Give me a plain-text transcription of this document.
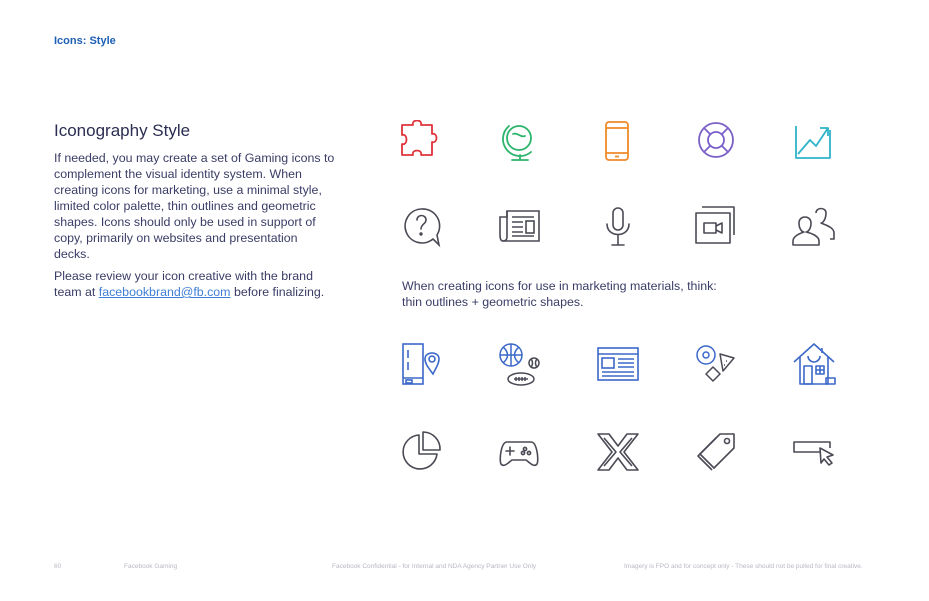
Icons: Style
Iconography Style

If needed, you may create a set of Gaming icons to complement the visual identity system. When creating icons for marketing, use a minimal style, limited color palette, thin outlines and geometric shapes. Icons should only be used in support of copy, primarily on websites and presentation decks.

Please review your icon creative with the brand team at facebookbrand@fb.com before finalizing.	When creating icons for use in marketing materials, think:
thin outlines + geometric shapes.

60	Facebook Gaming	Facebook Confidential - for Internal and NDA Agency Partner Use Only	Imagery is FPO and for concept only - These should not be pulled for final creative.
